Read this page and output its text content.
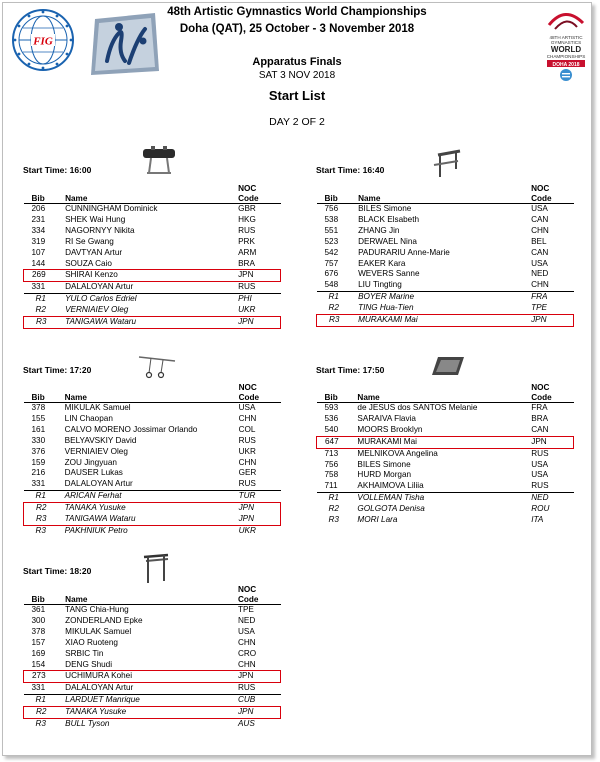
FIG	48TH ARTISTIC
GYMNASTICS
WORLD
CHAMPIONSHIPS
DOHA 2018
48th Artistic Gymnastics World Championships
Doha (QAT), 25 October - 3 November 2018
Apparatus Finals
SAT 3 NOV 2018
Start List
DAY 2 OF 2
Start Time: 16:00
Bib	Name	NOC
Code
206	CUNNINGHAM Dominick	GBR
231	SHEK Wai Hung	HKG
334	NAGORNYY Nikita	RUS
319	RI Se Gwang	PRK
107	DAVTYAN Artur	ARM
144	SOUZA Caio	BRA
269	SHIRAI Kenzo	JPN
331	DALALOYAN Artur	RUS
R1	YULO Carlos Edriel	PHI
R2	VERNIAIEV Oleg	UKR
R3	TANIGAWA Wataru	JPN
Start Time: 16:40
Bib	Name	NOC
Code
756	BILES Simone	USA
538	BLACK Elsabeth	CAN
551	ZHANG Jin	CHN
523	DERWAEL Nina	BEL
542	PADURARIU Anne-Marie	CAN
757	EAKER Kara	USA
676	WEVERS Sanne	NED
548	LIU Tingting	CHN
R1	BOYER Marine	FRA
R2	TING Hua-Tien	TPE
R3	MURAKAMI Mai	JPN
Start Time: 17:20
Bib	Name	NOC
Code
378	MIKULAK Samuel	USA
155	LIN Chaopan	CHN
161	CALVO MORENO Jossimar Orlando	COL
330	BELYAVSKIY David	RUS
376	VERNIAIEV Oleg	UKR
159	ZOU Jingyuan	CHN
216	DAUSER Lukas	GER
331	DALALOYAN Artur	RUS
R1	ARICAN Ferhat	TUR
R2	TANAKA Yusuke	JPN
R3	TANIGAWA Wataru	JPN
R3	PAKHNIUK Petro	UKR
Start Time: 17:50
Bib	Name	NOC
Code
593	de JESUS dos SANTOS Melanie	FRA
536	SARAIVA Flavia	BRA
540	MOORS Brooklyn	CAN
647	MURAKAMI Mai	JPN
713	MELNIKOVA Angelina	RUS
756	BILES Simone	USA
758	HURD Morgan	USA
711	AKHAIMOVA Liliia	RUS
R1	VOLLEMAN Tisha	NED
R2	GOLGOTA Denisa	ROU
R3	MORI Lara	ITA
Start Time: 18:20
Bib	Name	NOC
Code
361	TANG Chia-Hung	TPE
300	ZONDERLAND Epke	NED
378	MIKULAK Samuel	USA
157	XIAO Ruoteng	CHN
169	SRBIC Tin	CRO
154	DENG Shudi	CHN
273	UCHIMURA Kohei	JPN
331	DALALOYAN Artur	RUS
R1	LARDUET Manrique	CUB
R2	TANAKA Yusuke	JPN
R3	BULL Tyson	AUS
